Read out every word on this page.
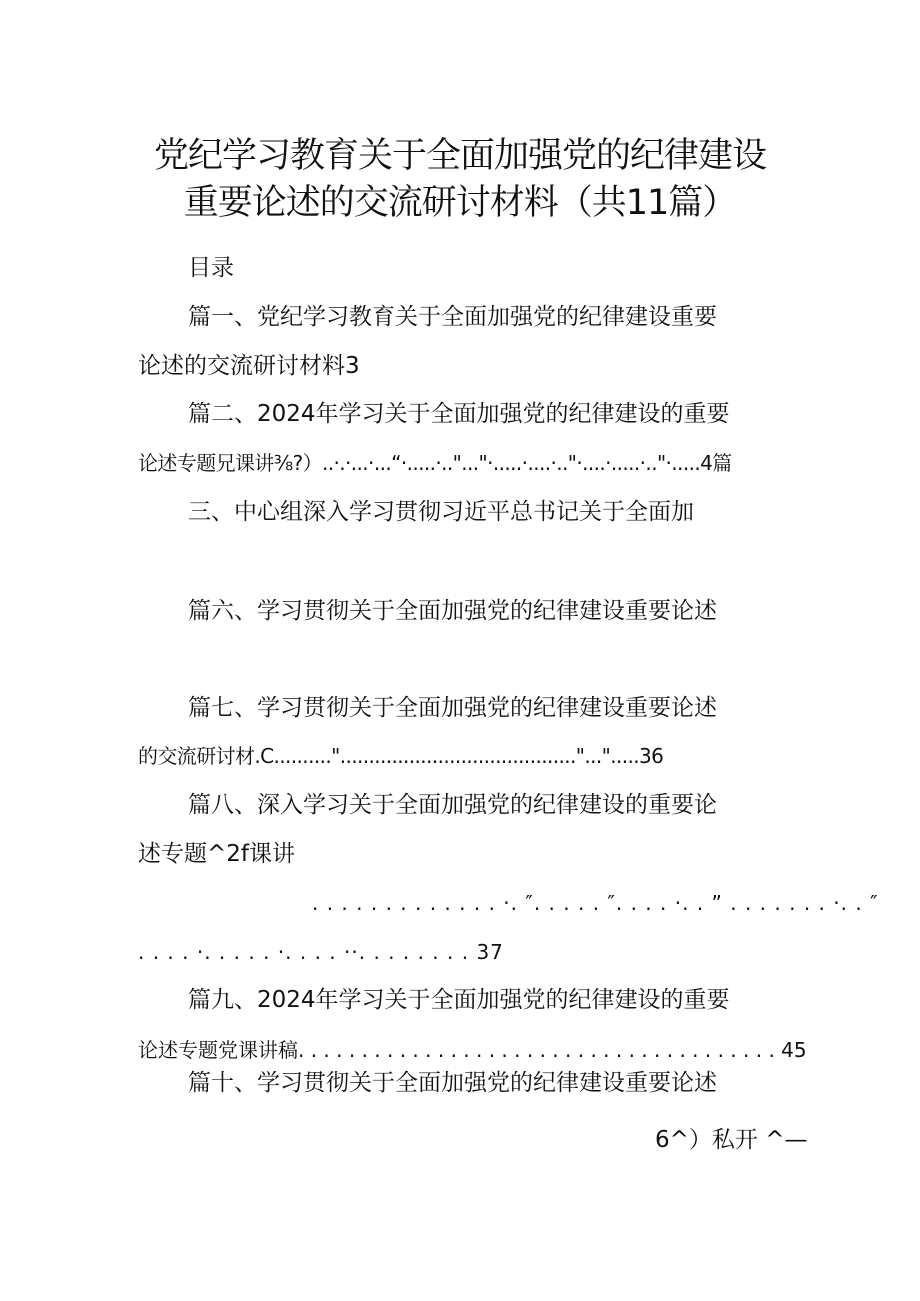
党纪学习教育关于全面加强党的纪律建设
重要论述的交流研讨材料（共11篇）
目录
篇一、党纪学习教育关于全面加强党的纪律建设重要
论述的交流研讨材料3
篇二、2024年学习关于全面加强党的纪律建设的重要
论述专题兄课讲⅜?）..·.·...·...“·.....·.."..."·.....·....·.."·....·.....·.."·.....4篇
三、中心组深入学习贯彻习近平总书记关于全面加
篇六、学习贯彻关于全面加强党的纪律建设重要论述
篇七、学习贯彻关于全面加强党的纪律建设重要论述
的交流研讨材.C.........."........................................."...".....36
篇八、深入学习关于全面加强党的纪律建设的重要论
述专题^2f课讲
. . . . . . . . . . . . . ·. ″. . . . . ″. . . . ·. . ” . . . . . . . ·. . ″
. . . . ·. . . . . ·. . . . ··. . . . . . . . 37
篇九、2024年学习关于全面加强党的纪律建设的重要
论述专题党课讲稿. . . . . . . . . . . . . . . . . . . . . . . . . . . . . . . . . . . . . . 45
篇十、学习贯彻关于全面加强党的纪律建设重要论述
6^）私开 ^—
